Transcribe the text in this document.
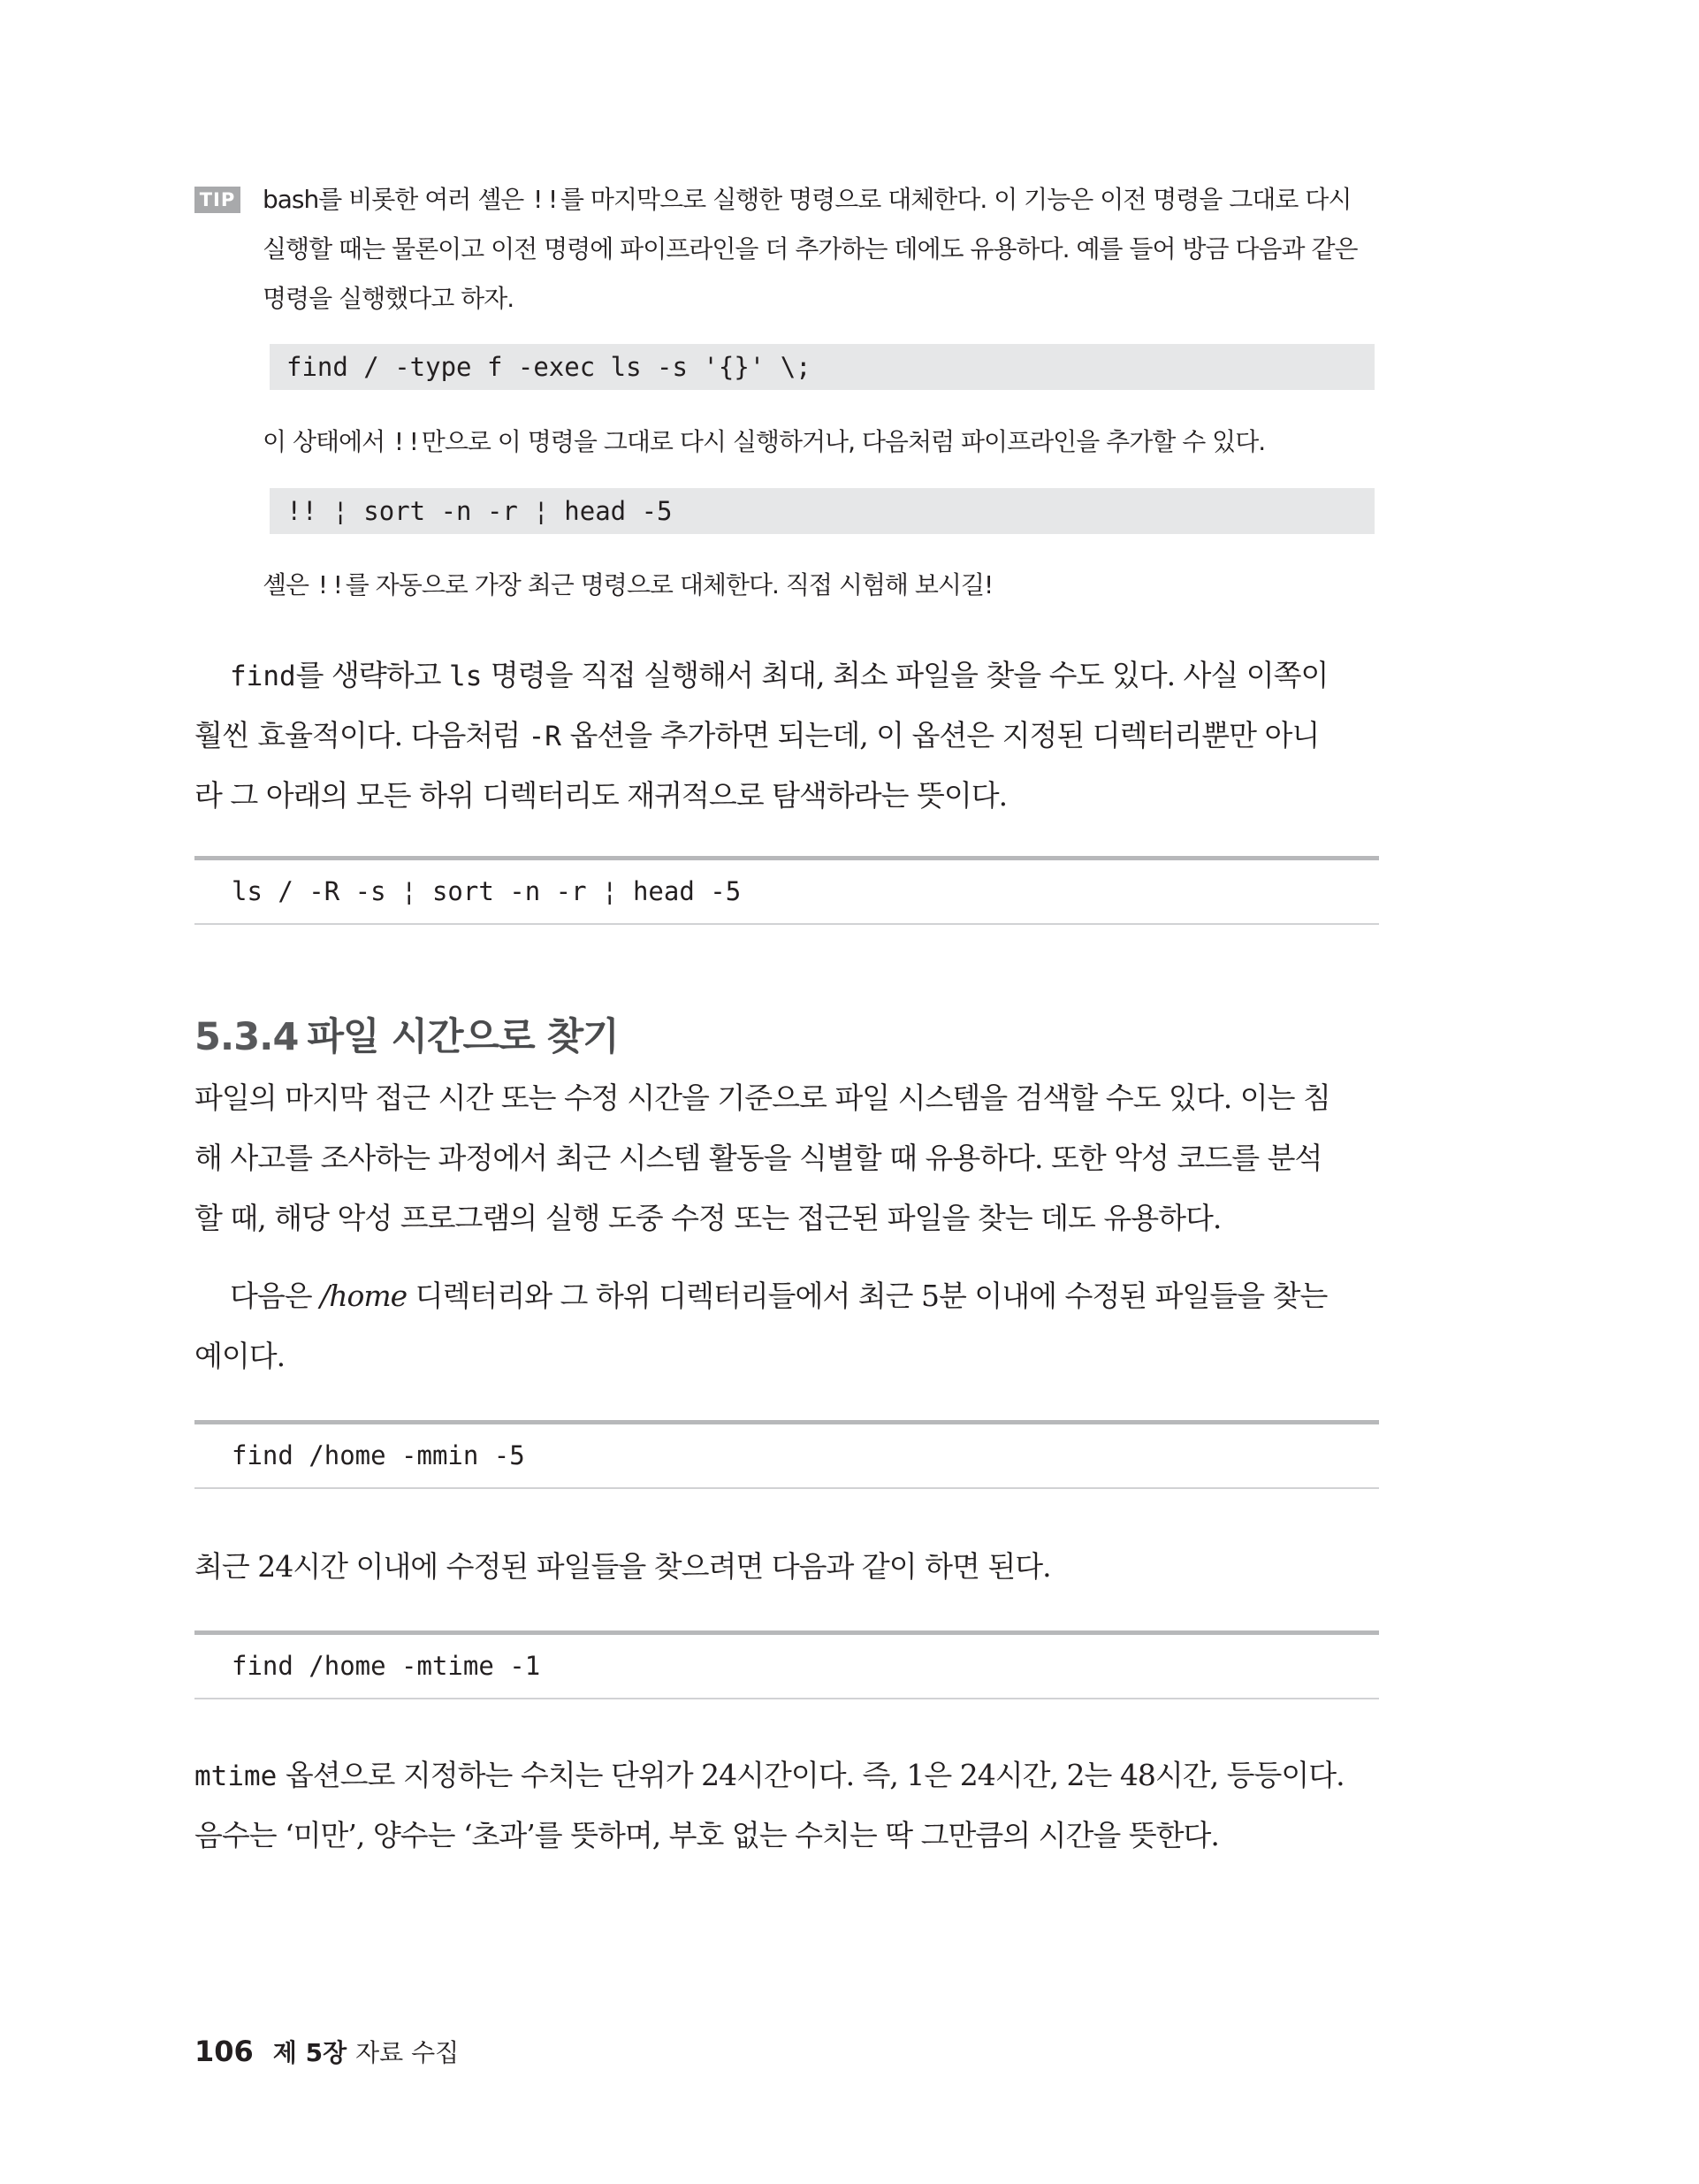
TIP bash를 비롯한 여러 셸은 !!를 마지막으로 실행한 명령으로 대체한다. 이 기능은 이전 명령을 그대로 다시
실행할 때는 물론이고 이전 명령에 파이프라인을 더 추가하는 데에도 유용하다. 예를 들어 방금 다음과 같은
명령을 실행했다고 하자.
find / -type f -exec ls -s '{}' \;
이 상태에서 !!만으로 이 명령을 그대로 다시 실행하거나, 다음처럼 파이프라인을 추가할 수 있다.
!! ¦ sort -n -r ¦ head -5
셸은 !!를 자동으로 가장 최근 명령으로 대체한다. 직접 시험해 보시길!
find를 생략하고 ls 명령을 직접 실행해서 최대, 최소 파일을 찾을 수도 있다. 사실 이쪽이
훨씬 효율적이다. 다음처럼 -R 옵션을 추가하면 되는데, 이 옵션은 지정된 디렉터리뿐만 아니
라 그 아래의 모든 하위 디렉터리도 재귀적으로 탐색하라는 뜻이다.
ls / -R -s ¦ sort -n -r ¦ head -5
5.3.4 파일 시간으로 찾기
파일의 마지막 접근 시간 또는 수정 시간을 기준으로 파일 시스템을 검색할 수도 있다. 이는 침
해 사고를 조사하는 과정에서 최근 시스템 활동을 식별할 때 유용하다. 또한 악성 코드를 분석
할 때, 해당 악성 프로그램의 실행 도중 수정 또는 접근된 파일을 찾는 데도 유용하다.
다음은 /home 디렉터리와 그 하위 디렉터리들에서 최근 5분 이내에 수정된 파일들을 찾는
예이다.
find /home -mmin -5
최근 24시간 이내에 수정된 파일들을 찾으려면 다음과 같이 하면 된다.
find /home -mtime -1
mtime 옵션으로 지정하는 수치는 단위가 24시간이다. 즉, 1은 24시간, 2는 48시간, 등등이다.
음수는 ‘미만’, 양수는 ‘초과’를 뜻하며, 부호 없는 수치는 딱 그만큼의 시간을 뜻한다.
106 제 5장 자료 수집
